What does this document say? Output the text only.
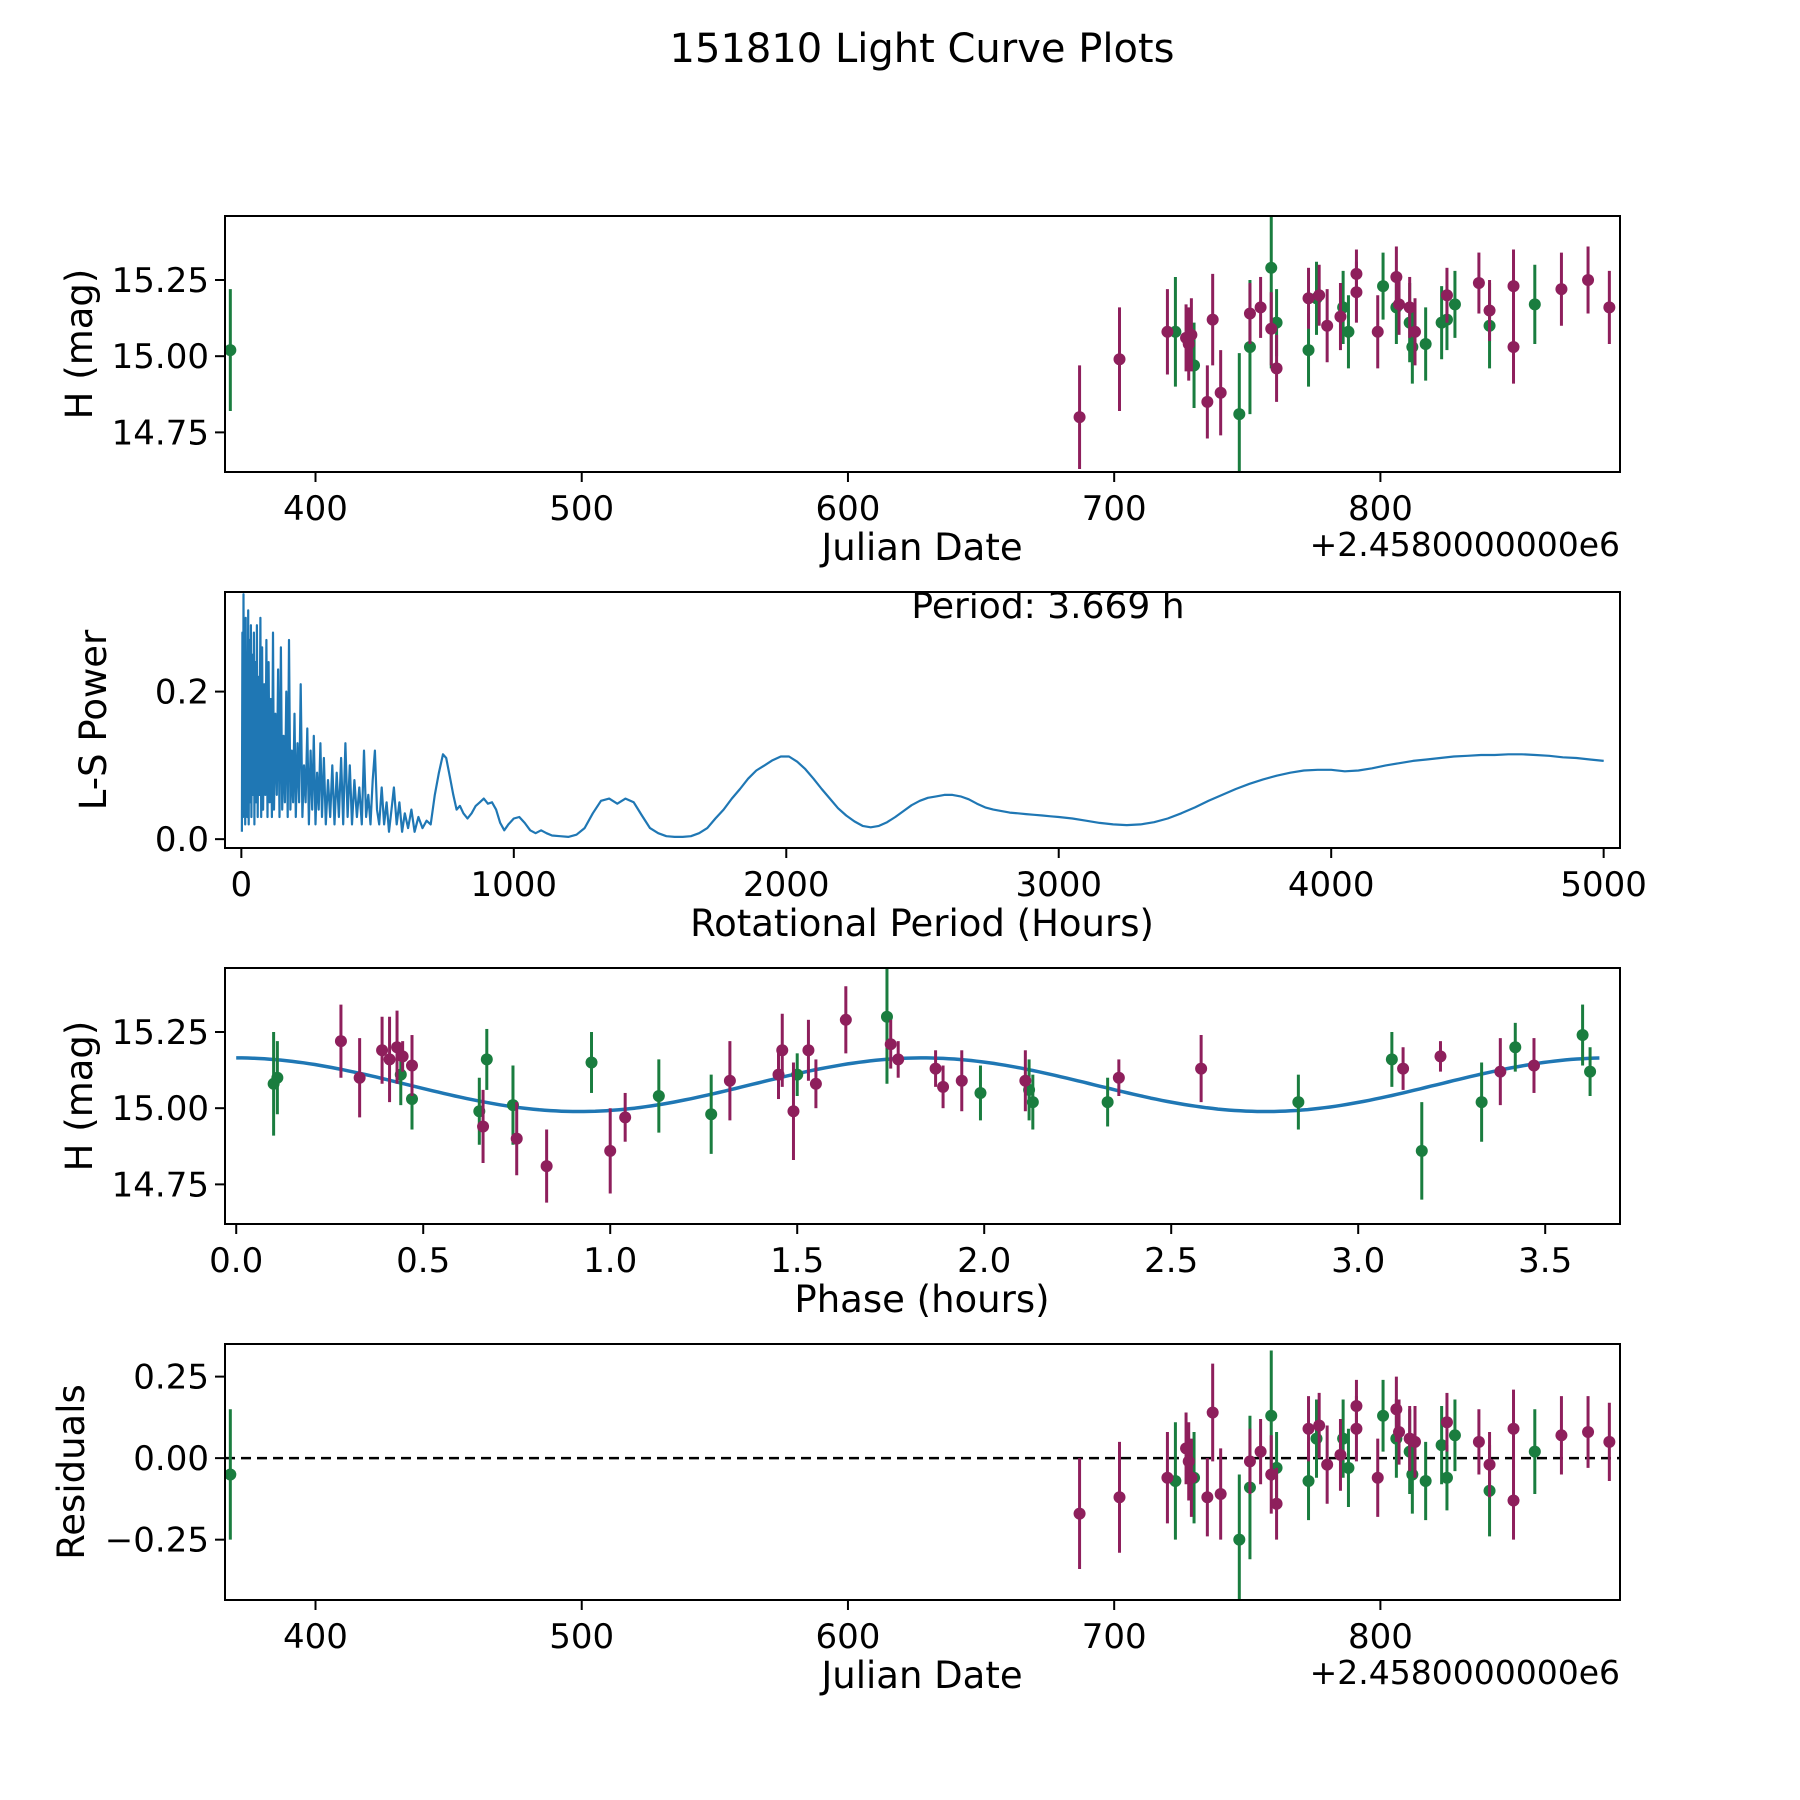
151810 Light Curve Plots
400	500	600	700	800
14.75
15.00
15.25
0	1000	2000	3000	4000	5000
0.0
0.2
0.0	0.5	1.0	1.5	2.0	2.5	3.0	3.5
14.75
15.00
15.25
400	500	600	700	800
−0.25
0.00
0.25
Julian Date	+2.4580000000e6
H (mag)
Period: 3.669 h
Rotational Period (Hours)
L-S Power
Phase (hours)
H (mag)
Julian Date	+2.4580000000e6
Residuals
